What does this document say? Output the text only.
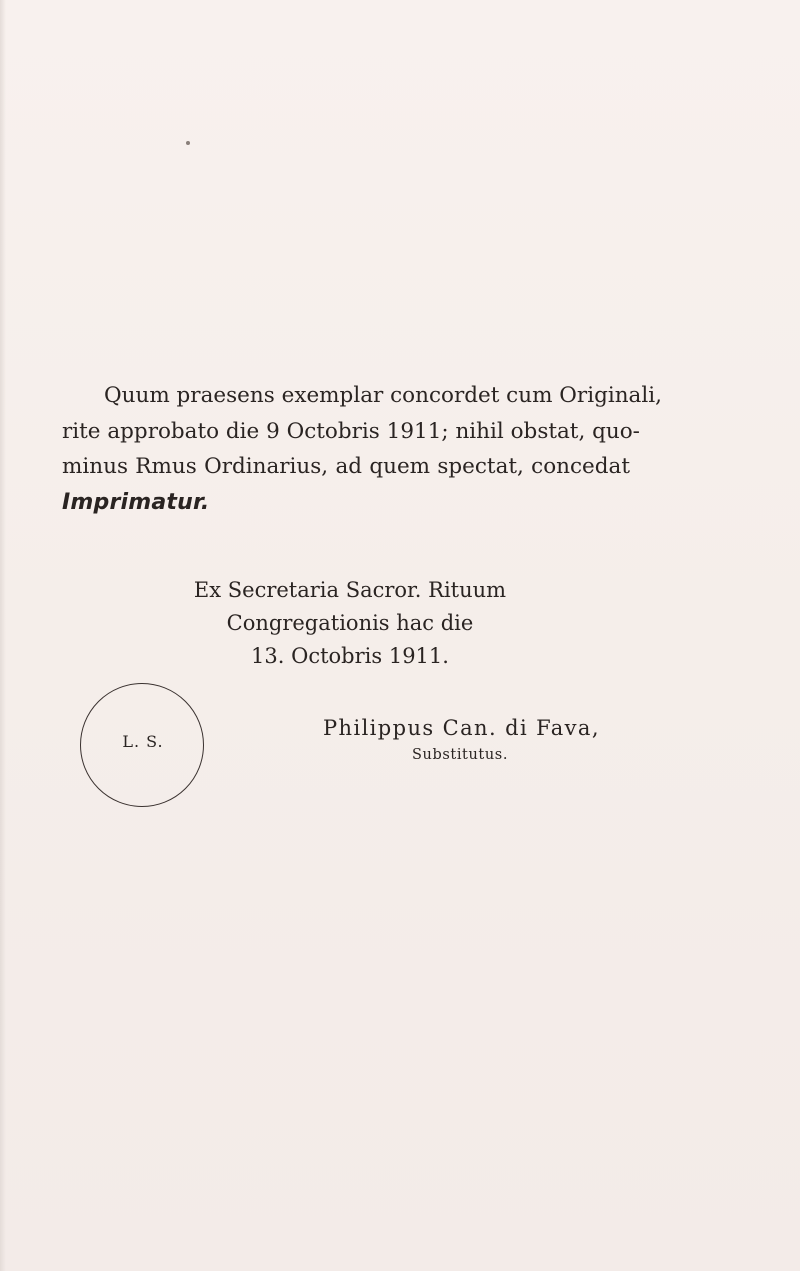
Quum praesens exemplar concordet cum Originali,
rite approbato die 9 Octobris 1911; nihil obstat, quo-
minus Rmus Ordinarius, ad quem spectat, concedat
Imprimatur.
Ex Secretaria Sacror. Rituum
Congregationis hac die
13. Octobris 1911.
L. S.
Philippus Can. di Fava,
Substitutus.
